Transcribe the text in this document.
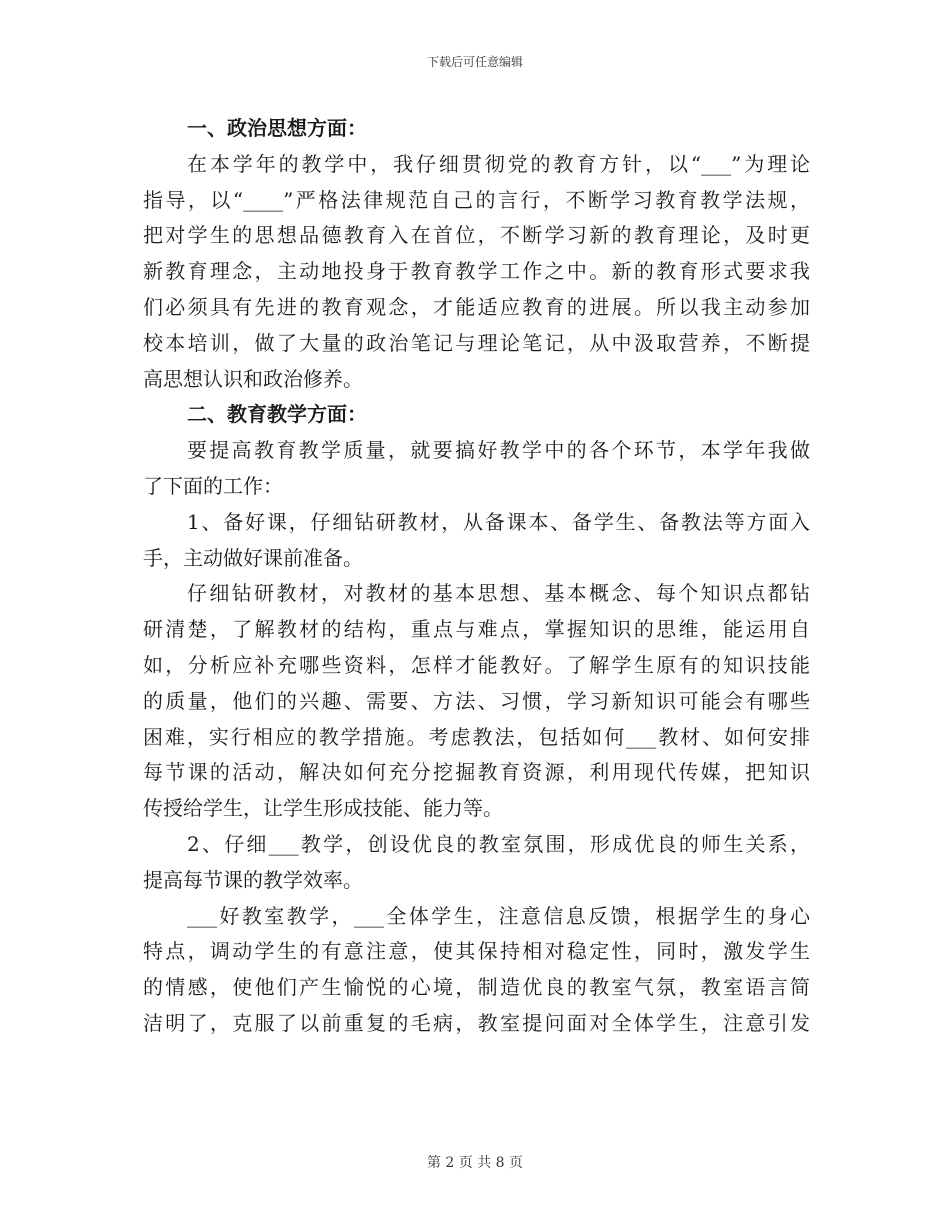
下载后可任意编辑
一、政治思想方面：
在本学年的教学中，我仔细贯彻党的教育方针，以“___”为理论
指导，以“____”严格法律规范自己的言行，不断学习教育教学法规，
把对学生的思想品德教育入在首位，不断学习新的教育理论，及时更
新教育理念，主动地投身于教育教学工作之中。新的教育形式要求我
们必须具有先进的教育观念，才能适应教育的进展。所以我主动参加
校本培训，做了大量的政治笔记与理论笔记，从中汲取营养，不断提
高思想认识和政治修养。
二、教育教学方面：
要提高教育教学质量，就要搞好教学中的各个环节，本学年我做
了下面的工作：
1、备好课，仔细钻研教材，从备课本、备学生、备教法等方面入
手，主动做好课前准备。
仔细钻研教材，对教材的基本思想、基本概念、每个知识点都钻
研清楚，了解教材的结构，重点与难点，掌握知识的思维，能运用自
如，分析应补充哪些资料，怎样才能教好。了解学生原有的知识技能
的质量，他们的兴趣、需要、方法、习惯，学习新知识可能会有哪些
困难，实行相应的教学措施。考虑教法，包括如何___教材、如何安排
每节课的活动，解决如何充分挖掘教育资源，利用现代传媒，把知识
传授给学生，让学生形成技能、能力等。
2、仔细___教学，创设优良的教室氛围，形成优良的师生关系，
提高每节课的教学效率。
___好教室教学，___全体学生，注意信息反馈，根据学生的身心
特点，调动学生的有意注意，使其保持相对稳定性，同时，激发学生
的情感，使他们产生愉悦的心境，制造优良的教室气氛，教室语言简
洁明了，克服了以前重复的毛病，教室提问面对全体学生，注意引发
第 2 页 共 8 页
